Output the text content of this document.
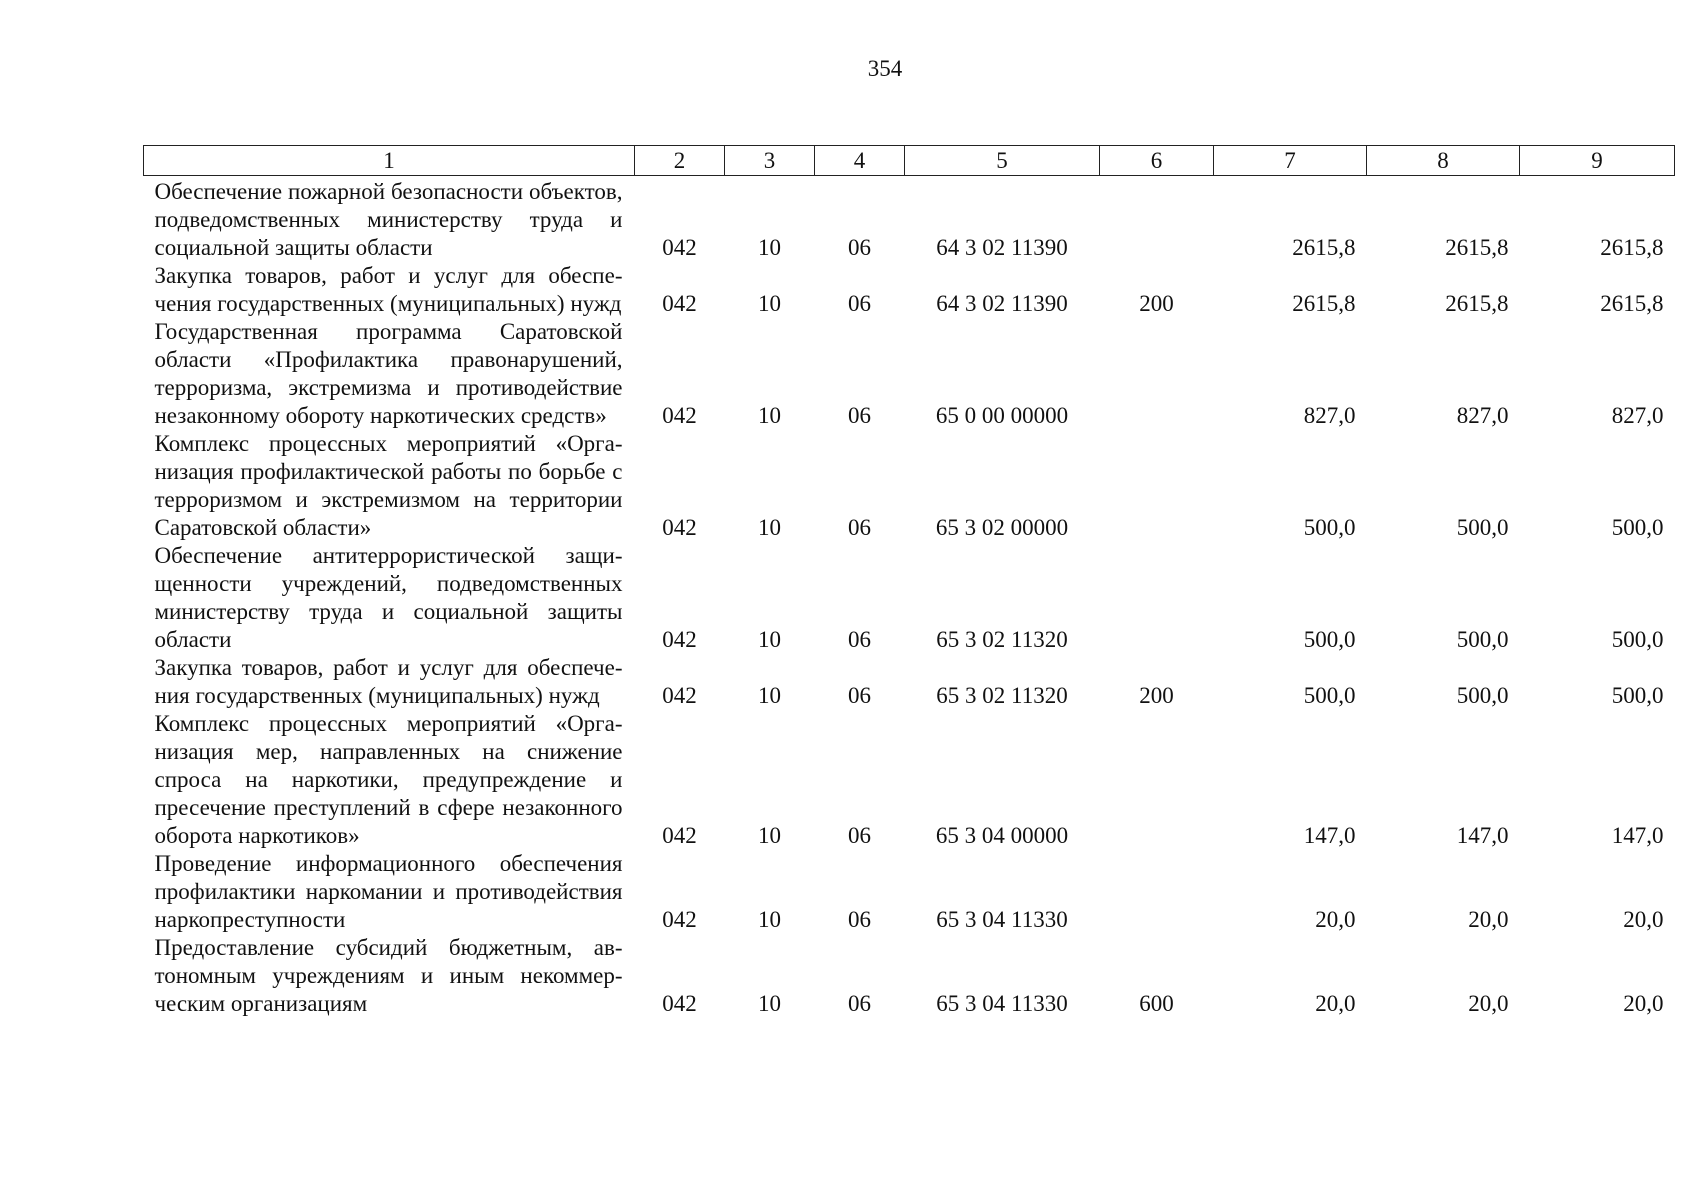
354
1	2	3	4	5	6	7	8	9
Обеспечение пожарной безопасности объектов, подведомственных министерству труда и социальной защиты области	042	10	06	64 3 02 11390		2615,8	2615,8	2615,8
Закупка товаров, работ и услуг для обеспечения государственных (муниципальных) нужд	042	10	06	64 3 02 11390	200	2615,8	2615,8	2615,8
Государственная программа Саратовской области «Профилактика правонарушений, терроризма, экстремизма и противодействие незаконному обороту наркотических средств»	042	10	06	65 0 00 00000		827,0	827,0	827,0
Комплекс процессных мероприятий «Организация профилактической работы по борьбе с терроризмом и экстремизмом на территории Саратовской области»	042	10	06	65 3 02 00000		500,0	500,0	500,0
Обеспечение антитеррористической защищенности учреждений, подведомственных министерству труда и социальной защиты области	042	10	06	65 3 02 11320		500,0	500,0	500,0
Закупка товаров, работ и услуг для обеспечения государственных (муниципальных) нужд	042	10	06	65 3 02 11320	200	500,0	500,0	500,0
Комплекс процессных мероприятий «Организация мер, направленных на снижение спроса на наркотики, предупреждение и пресечение преступлений в сфере незаконного оборота наркотиков»	042	10	06	65 3 04 00000		147,0	147,0	147,0
Проведение информационного обеспечения профилактики наркомании и противодействия наркопреступности	042	10	06	65 3 04 11330		20,0	20,0	20,0
Предоставление субсидий бюджетным, автономным учреждениям и иным некоммерческим организациям	042	10	06	65 3 04 11330	600	20,0	20,0	20,0
